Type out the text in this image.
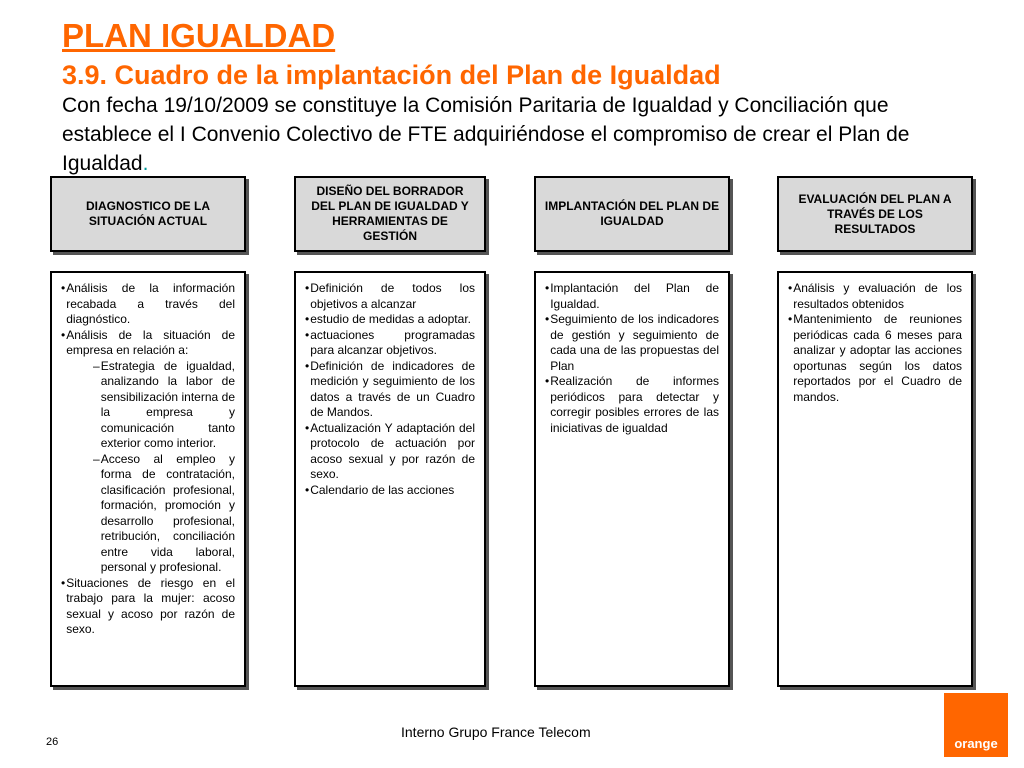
PLAN IGUALDAD
3.9. Cuadro de la implantación del Plan de Igualdad

Con fecha 19/10/2009 se constituye la Comisión Paritaria de Igualdad y Conciliación que establece el I Convenio Colectivo de FTE adquiriéndose el compromiso de crear el Plan de Igualdad.

DIAGNOSTICO DE LA SITUACIÓN ACTUAL
DISEÑO DEL BORRADOR DEL PLAN DE IGUALDAD Y HERRAMIENTAS DE GESTIÓN
IMPLANTACIÓN DEL PLAN DE IGUALDAD
EVALUACIÓN DEL PLAN A TRAVÉS DE LOS RESULTADOS
• Análisis de la información recabada a través del diagnóstico.
• Análisis de la situación de empresa en relación a:
– Estrategia de igualdad, analizando la labor de sensibilización interna de la empresa y comunicación tanto exterior como interior.
– Acceso al empleo y forma de contratación, clasificación profesional, formación, promoción y desarrollo profesional, retribución, conciliación entre vida laboral, personal y profesional.
• Situaciones de riesgo en el trabajo para la mujer: acoso sexual y acoso por razón de sexo.
• Definición de todos los objetivos a alcanzar
• estudio de medidas a adoptar.
• actuaciones programadas para alcanzar objetivos.
• Definición de indicadores de medición y seguimiento de los datos a través de un Cuadro de Mandos.
• Actualización Y adaptación del protocolo de actuación por acoso sexual y por razón de sexo.
• Calendario de las acciones
• Implantación del Plan de Igualdad.
• Seguimiento de los indicadores de gestión y seguimiento de cada una de las propuestas del Plan
• Realización de informes periódicos para detectar y corregir posibles errores de las iniciativas de igualdad
• Análisis y evaluación de los resultados obtenidos
• Mantenimiento de reuniones periódicas cada 6 meses para analizar y adoptar las acciones oportunas según los datos reportados por el Cuadro de mandos.

Interno Grupo France Telecom

26	orange
